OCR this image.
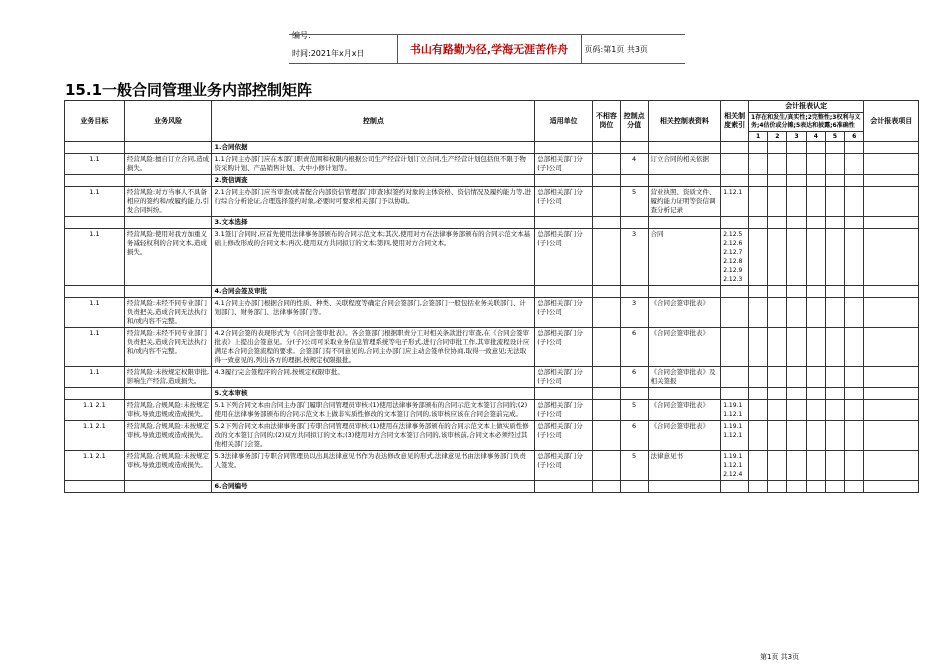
编号:

时间:2021年x月x日	书山有路勤为径,学海无涯苦作舟	页码:第1页 共3页
15.1一般合同管理业务内部控制矩阵
业务目标	业务风险	控制点	适用单位	不相容岗位	控制点分值	相关控制表资料	相关制度索引	会计报表认定						会计报表项目
								1存在和发生/真实性;2完整性;3权利与义务;4估价或分摊;5表达和披露;6准确性						
								1	2	3	4	5	6	
		1.合同依据												
1.1	经营风险:擅自订立合同,造成损失。	1.1合同主办部门应在本部门职责范围和权限内根据公司生产经营计划订立合同,生产经营计划包括但不限于物资采购计划、产品销售计划、大中小修计划等。	总部相关部门分(子)公司		4	订立合同的相关依据								
		2.资信调查												
1.1	经营风险:对方当事人不具备相应的签约和/或履约能力,引发合同纠纷。	2.1合同主办部门应当审查(或者配合内部资信管理部门审查)拟签约对象的主体资格、资信情况及履约能力等,进行综合分析论证,合理选择签约对象,必要时可要求相关部门予以协助。	总部相关部门分(子)公司		5	营业执照、资质文件、履约能力证明等资信调查分析记录	1.12.1							
		3.文本选择												
1.1	经营风险:使用对我方加重义务减轻权利的合同文本,造成损失。	3.1签订合同时,应首先使用法律事务部颁布的合同示范文本;其次,使用对方在法律事务部颁布的合同示范文本基础上修改形成的合同文本;再次,使用双方共同拟订的文本;第四,使用对方合同文本。	总部相关部门分(子)公司		3	合同	2.12.5 2.12.6 2.12.7 2.12.8 2.12.9 2.12.3							
		4.合同会签及审批												
1.1	经营风险:未经不同专业部门负责把关,造成合同无法执行和/或内容不完整。	4.1合同主办部门根据合同的性质、种类、关联程度等确定合同会签部门,会签部门一般包括业务关联部门、计划部门、财务部门、法律事务部门等。	总部相关部门分(子)公司		3	《合同会签审批表》								
1.1	经营风险:未经不同专业部门负责把关,造成合同无法执行和/或内容不完整。	4.2合同会签的表现形式为《合同会签审批表》。各会签部门根据职责分工对相关条款进行审查,在《合同会签审批表》上提出会签意见。分(子)公司可采取业务信息管理系统等电子形式,进行合同审批工作,其审批流程设计应满足本合同会签流程的要求。会签部门有不同意见的,合同主办部门应主动会签单位协商,取得一致意见;无法取得一致意见的,列出各方的理据,按规定权限报批。	总部相关部门分(子)公司		6	《合同会签审批表》								
1.1	经营风险:未按规定权限审批,影响生产经营,造成损失。	4.3履行完会签程序的合同,按规定权限审批。	总部相关部门分(子)公司		6	《合同会签审批表》及相关签报								
		5.文本审核												
1.1 2.1	经营风险,合规风险:未按规定审核,导致违规或造成损失。	5.1下列合同文本由合同主办部门履职合同管理员审核:(1)使用法律事务部颁布的合同示范文本签订合同的;(2)使用在法律事务部颁布的合同示范文本上做非实质性修改的文本签订合同的,该审核应该在合同会签前完成。	总部相关部门分(子)公司		5	《合同会签审批表》	1.19.1 1.12.1							
1.1 2.1	经营风险,合规风险:未按规定审核,导致违规或造成损失。	5.2下列合同文本由法律事务部门专职合同管理员审核:(1)使用在法律事务部颁布的合同示范文本上做实质性修改的文本签订合同的;(2)双方共同拟订的文本;(3)使用对方合同文本签订合同的,该审核前,合同文本必须经过其他相关部门会签。	总部相关部门分(子)公司		6	《合同会签审批表》	1.19.1 1.12.1							
1.1 2.1	经营风险,合规风险:未按规定审核,导致违规或造成损失。	5.3法律事务部门专职合同管理员以出具法律意见书作为表达修改意见的形式,法律意见书由法律事务部门负责人签发。	总部相关部门分(子)公司		5	法律意见书	1.19.1 1.12.1 2.12.4							
		6.合同编号												
第1页 共3页
